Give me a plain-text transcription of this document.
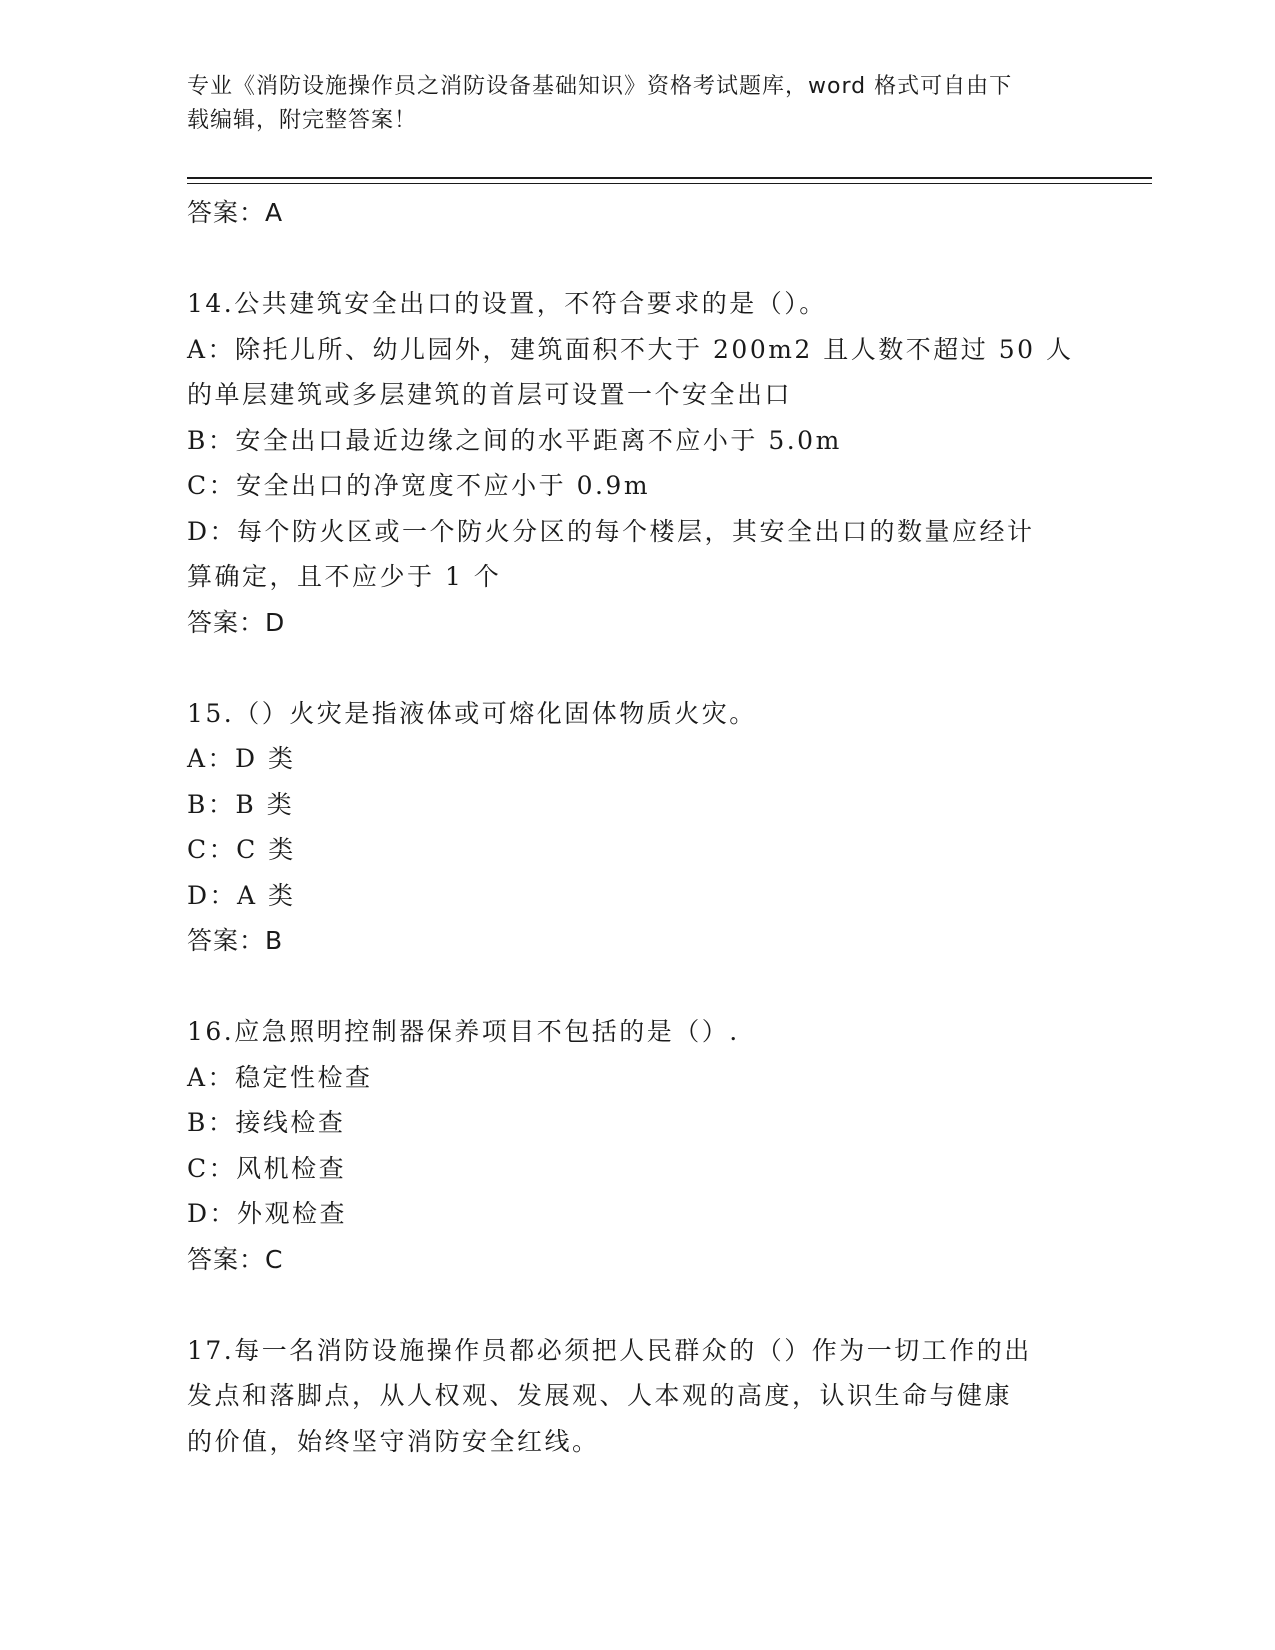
专业《消防设施操作员之消防设备基础知识》资格考试题库，word 格式可自由下
载编辑，附完整答案！
答案：A
14.公共建筑安全出口的设置，不符合要求的是（）。
A：除托儿所、幼儿园外，建筑面积不大于 200m2 且人数不超过 50 人
的单层建筑或多层建筑的首层可设置一个安全出口
B：安全出口最近边缘之间的水平距离不应小于 5.0m
C：安全出口的净宽度不应小于 0.9m
D：每个防火区或一个防火分区的每个楼层，其安全出口的数量应经计
算确定，且不应少于 1 个
答案：D
15.（）火灾是指液体或可熔化固体物质火灾。
A：D 类
B：B 类
C：C 类
D：A 类
答案：B
16.应急照明控制器保养项目不包括的是（）.
A：稳定性检查
B：接线检查
C：风机检查
D：外观检查
答案：C
17.每一名消防设施操作员都必须把人民群众的（）作为一切工作的出
发点和落脚点，从人权观、发展观、人本观的高度，认识生命与健康
的价值，始终坚守消防安全红线。
